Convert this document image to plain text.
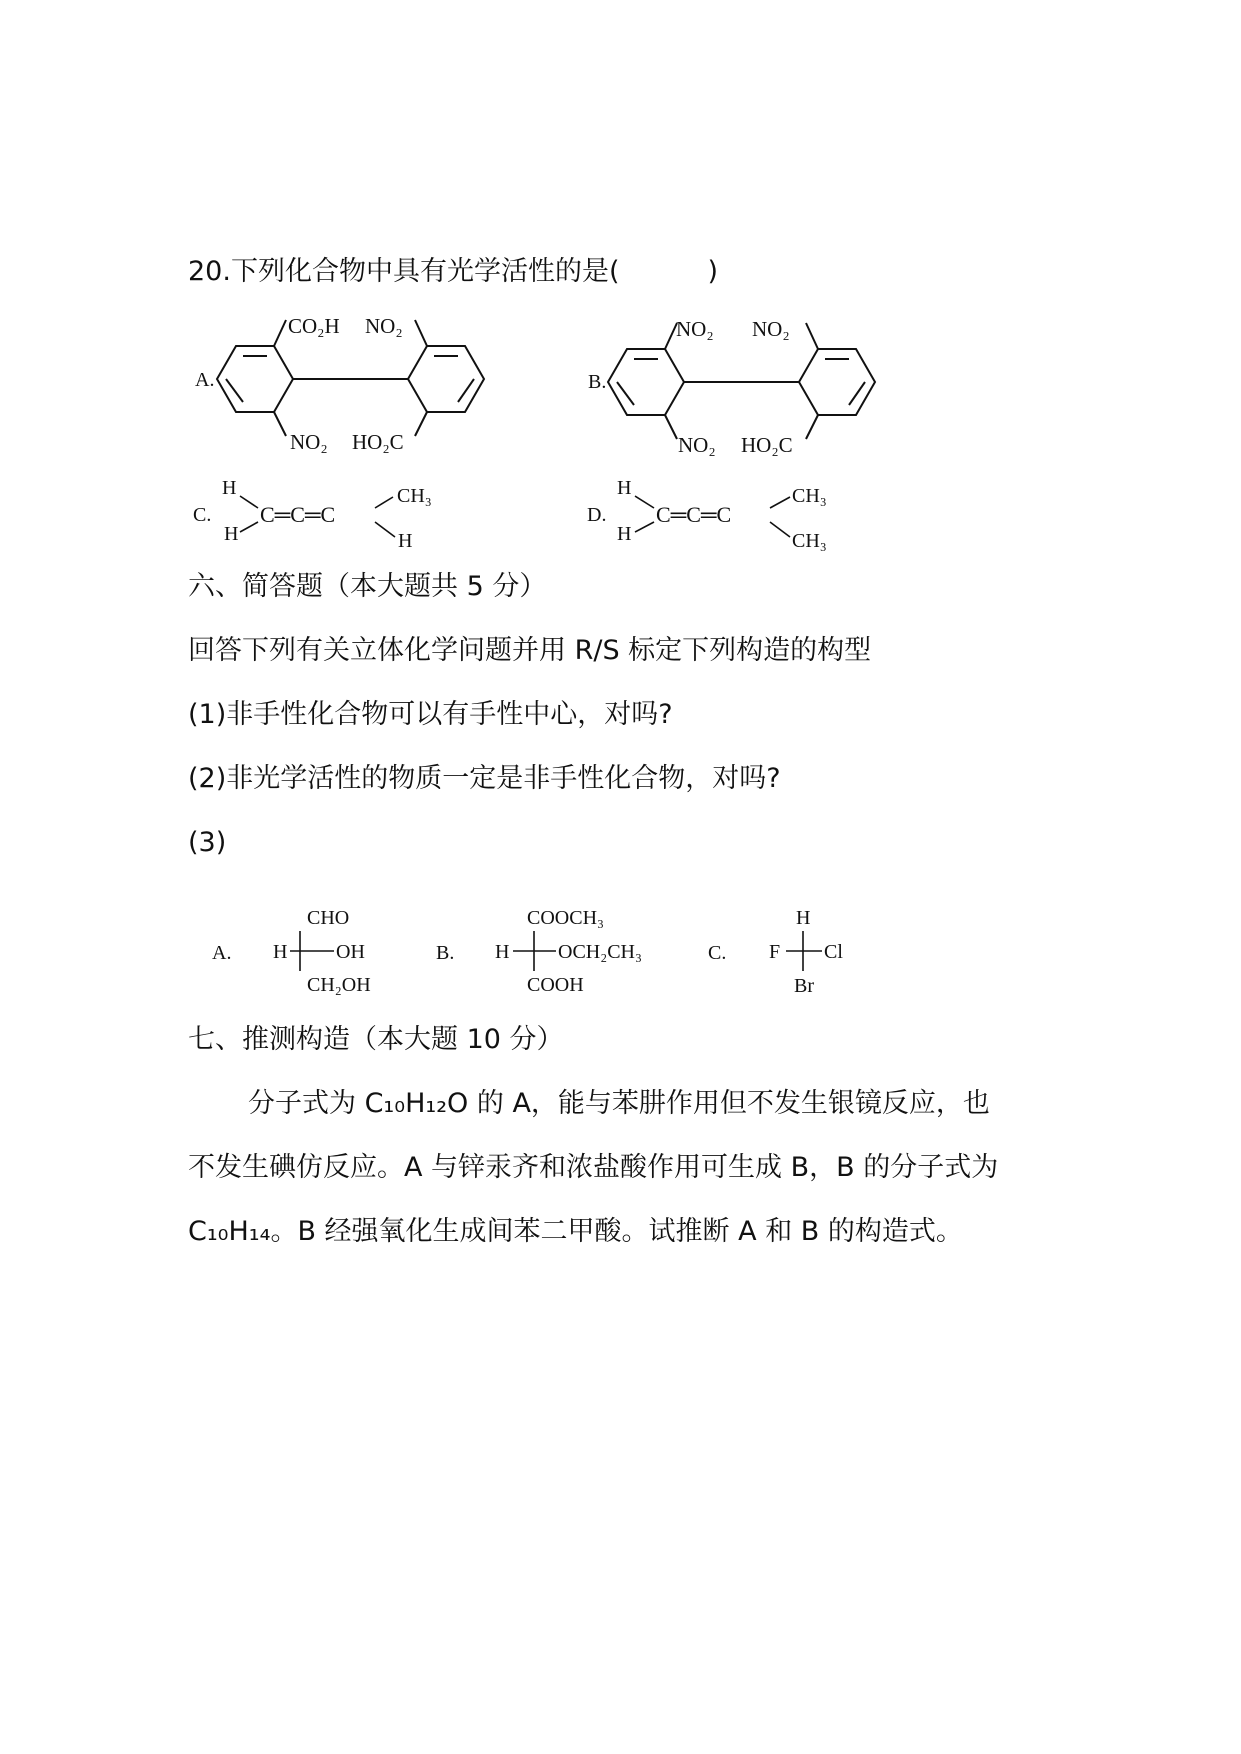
20.下列化合物中具有光学活性的是(	)
A.
CO₂H NO₂
NO₂ HO₂C
B.
NO₂ NO₂
NO₂ HO₂C
C.
H
H
C═C═C
CH₃
H
D.
H
H
C═C═C
CH₃
CH₃
六、简答题（本大题共 5 分）
回答下列有关立体化学问题并用 R/S 标定下列构造的构型
(1)非手性化合物可以有手性中心，对吗?
(2)非光学活性的物质一定是非手性化合物，对吗?
(3)
A.
CHO
H OH
CH₂OH
B.
COOCH₃
H OCH₂CH₃
COOH
C.
H
F Cl
Br
七、推测构造（本大题 10 分）
分子式为 C₁₀H₁₂O 的 A，能与苯肼作用但不发生银镜反应，也
不发生碘仿反应。A 与锌汞齐和浓盐酸作用可生成 B，B 的分子式为
C₁₀H₁₄。B 经强氧化生成间苯二甲酸。试推断 A 和 B 的构造式。
